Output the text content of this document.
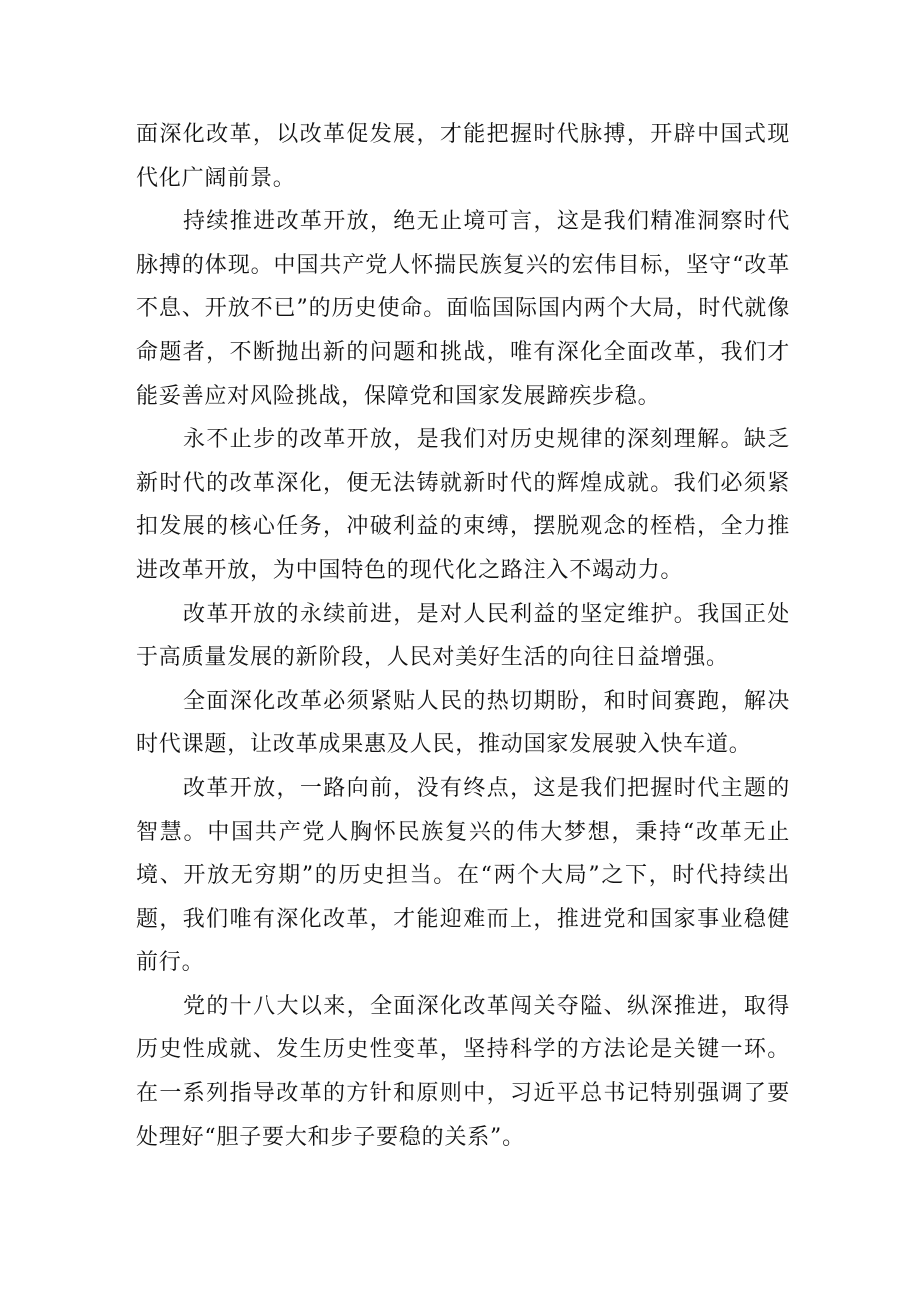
面深化改革，以改革促发展，才能把握时代脉搏，开辟中国式现代化广阔前景。

持续推进改革开放，绝无止境可言，这是我们精准洞察时代脉搏的体现。中国共产党人怀揣民族复兴的宏伟目标，坚守“改革不息、开放不已”的历史使命。面临国际国内两个大局，时代就像命题者，不断抛出新的问题和挑战，唯有深化全面改革，我们才能妥善应对风险挑战，保障党和国家发展蹄疾步稳。

永不止步的改革开放，是我们对历史规律的深刻理解。缺乏新时代的改革深化，便无法铸就新时代的辉煌成就。我们必须紧扣发展的核心任务，冲破利益的束缚，摆脱观念的桎梏，全力推进改革开放，为中国特色的现代化之路注入不竭动力。

改革开放的永续前进，是对人民利益的坚定维护。我国正处于高质量发展的新阶段，人民对美好生活的向往日益增强。

全面深化改革必须紧贴人民的热切期盼，和时间赛跑，解决时代课题，让改革成果惠及人民，推动国家发展驶入快车道。

改革开放，一路向前，没有终点，这是我们把握时代主题的智慧。中国共产党人胸怀民族复兴的伟大梦想，秉持“改革无止境、开放无穷期”的历史担当。在“两个大局”之下，时代持续出题，我们唯有深化改革，才能迎难而上，推进党和国家事业稳健前行。

党的十八大以来，全面深化改革闯关夺隘、纵深推进，取得历史性成就、发生历史性变革，坚持科学的方法论是关键一环。在一系列指导改革的方针和原则中，习近平总书记特别强调了要处理好“胆子要大和步子要稳的关系”。
